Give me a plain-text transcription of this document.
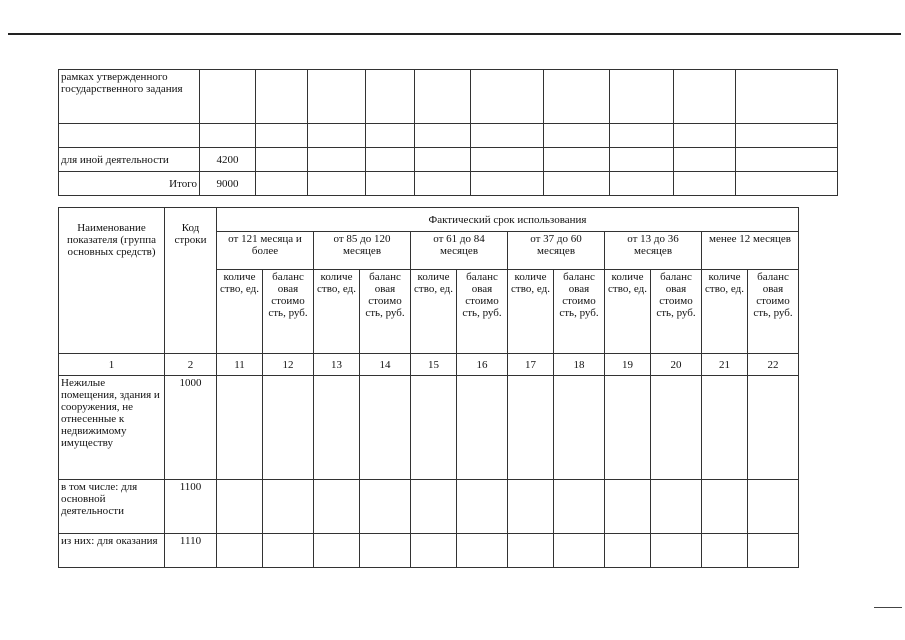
рамках утвержденного государственного задания										

для иной деятельности	4200									
Итого	9000									
Наименование показателя (группа основных средств)	Код строки	Фактический срок использования											
		от 121 месяца и более		от 85 до 120 месяцев		от 61 до 84 месяцев		от 37 до 60 месяцев		от 13 до 36 месяцев		менее 12 месяцев	
		количе ство, ед.	баланс овая стоимо сть, руб.	количе ство, ед.	баланс овая стоимо сть, руб.	количе ство, ед.	баланс овая стоимо сть, руб.	количе ство, ед.	баланс овая стоимо сть, руб.	количе ство, ед.	баланс овая стоимо сть, руб.	количе ство, ед.	баланс овая стоимо сть, руб.
1	2	11	12	13	14	15	16	17	18	19	20	21	22
Нежилые помещения, здания и сооружения, не отнесенные к недвижимому имуществу	1000												
в том числе: для основной деятельности	1100												
из них: для оказания	1110												
